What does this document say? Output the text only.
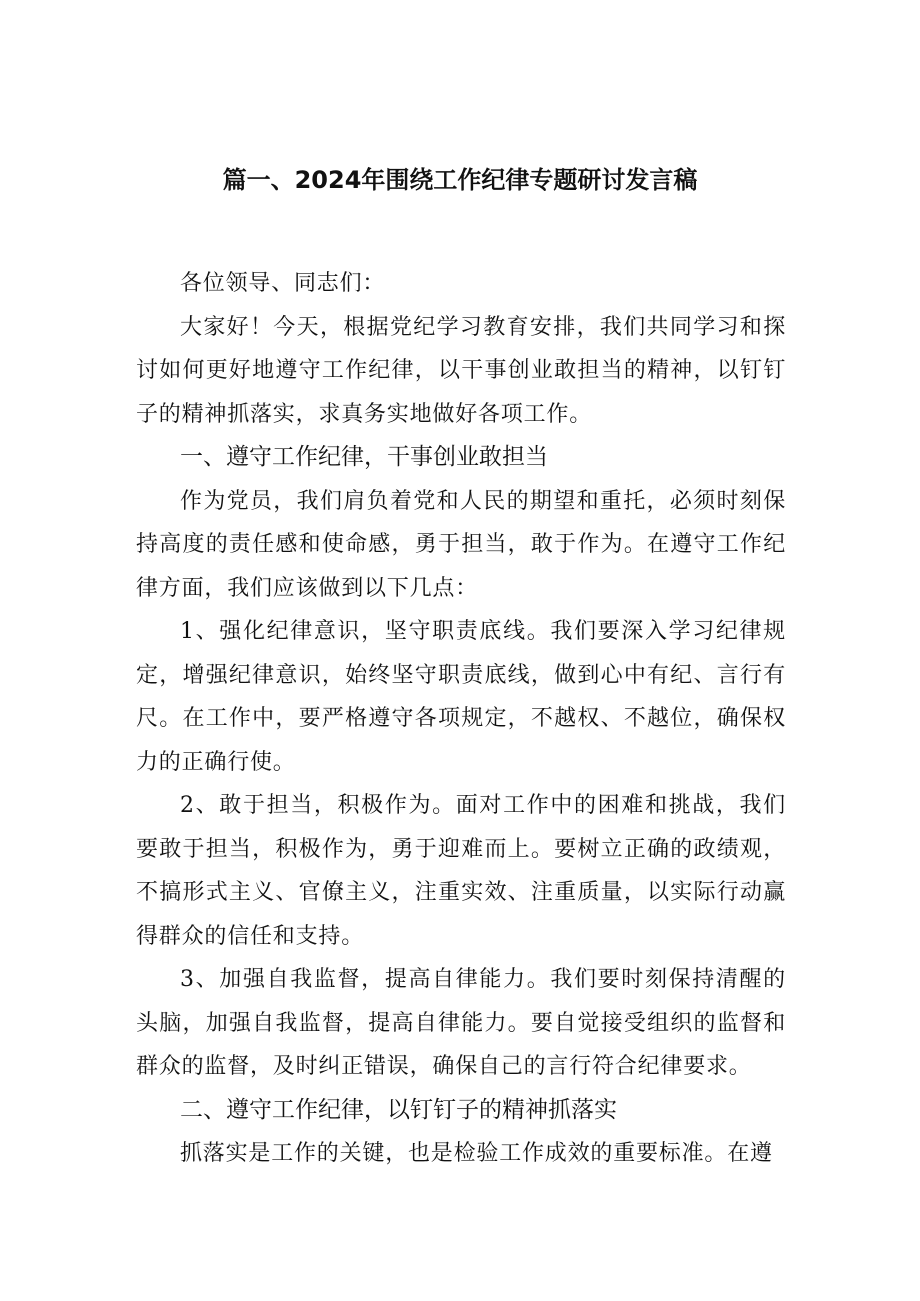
篇一、2024年围绕工作纪律专题研讨发言稿

各位领导、同志们：

大家好！今天，根据党纪学习教育安排，我们共同学习和探讨如何更好地遵守工作纪律，以干事创业敢担当的精神，以钉钉子的精神抓落实，求真务实地做好各项工作。

一、遵守工作纪律，干事创业敢担当

作为党员，我们肩负着党和人民的期望和重托，必须时刻保持高度的责任感和使命感，勇于担当，敢于作为。在遵守工作纪律方面，我们应该做到以下几点：

1、强化纪律意识，坚守职责底线。我们要深入学习纪律规定，增强纪律意识，始终坚守职责底线，做到心中有纪、言行有尺。在工作中，要严格遵守各项规定，不越权、不越位，确保权力的正确行使。

2、敢于担当，积极作为。面对工作中的困难和挑战，我们要敢于担当，积极作为，勇于迎难而上。要树立正确的政绩观，不搞形式主义、官僚主义，注重实效、注重质量，以实际行动赢得群众的信任和支持。

3、加强自我监督，提高自律能力。我们要时刻保持清醒的头脑，加强自我监督，提高自律能力。要自觉接受组织的监督和群众的监督，及时纠正错误，确保自己的言行符合纪律要求。

二、遵守工作纪律，以钉钉子的精神抓落实

抓落实是工作的关键，也是检验工作成效的重要标准。在遵
